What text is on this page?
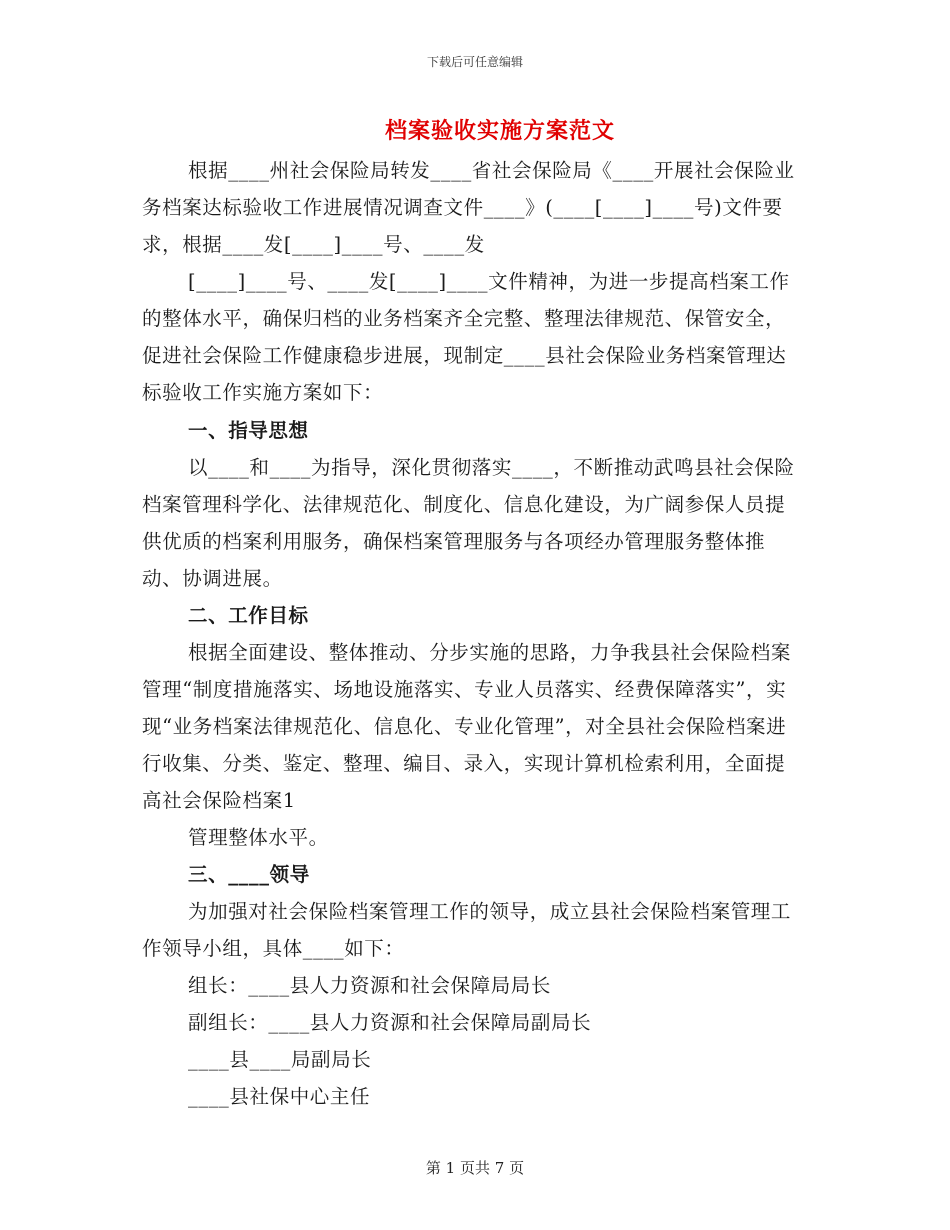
下载后可任意编辑
档案验收实施方案范文

根据____州社会保险局转发____省社会保险局《____开展社会保险业务档案达标验收工作进展情况调查文件____》(____[____]____号)文件要求，根据____发[____]____号、____发

[____]____号、____发[____]____文件精神，为进一步提高档案工作的整体水平，确保归档的业务档案齐全完整、整理法律规范、保管安全，促进社会保险工作健康稳步进展，现制定____县社会保险业务档案管理达标验收工作实施方案如下：

一、指导思想

以____和____为指导，深化贯彻落实____，不断推动武鸣县社会保险档案管理科学化、法律规范化、制度化、信息化建设，为广阔参保人员提供优质的档案利用服务，确保档案管理服务与各项经办管理服务整体推动、协调进展。

二、工作目标

根据全面建设、整体推动、分步实施的思路，力争我县社会保险档案管理“制度措施落实、场地设施落实、专业人员落实、经费保障落实”，实现“业务档案法律规范化、信息化、专业化管理”，对全县社会保险档案进行收集、分类、鉴定、整理、编目、录入，实现计算机检索利用，全面提高社会保险档案1

管理整体水平。

三、____领导

为加强对社会保险档案管理工作的领导，成立县社会保险档案管理工作领导小组，具体____如下：

组长：____县人力资源和社会保障局局长

副组长：____县人力资源和社会保障局副局长

____县____局副局长

____县社保中心主任

第 1 页共 7 页
